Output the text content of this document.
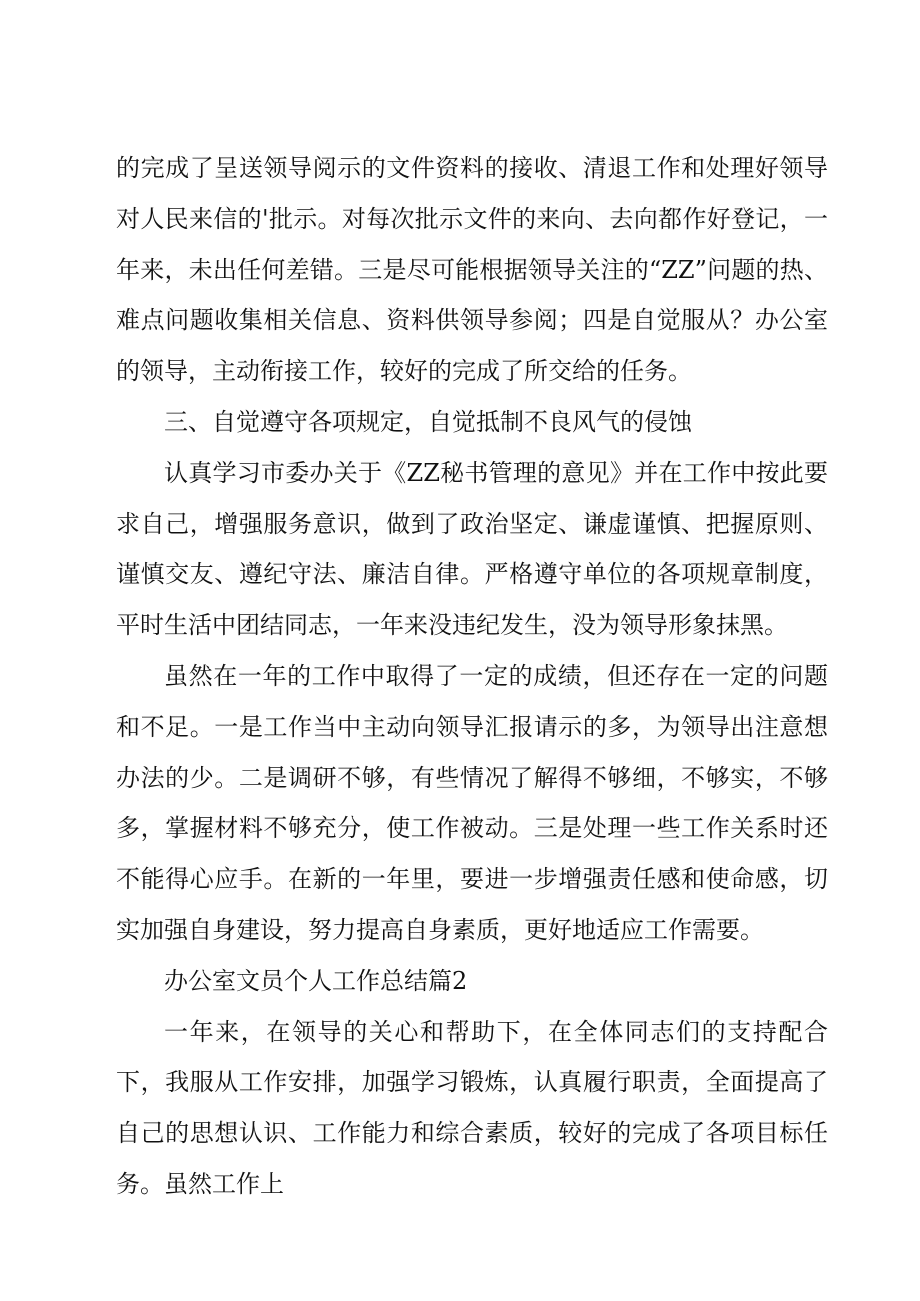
的完成了呈送领导阅示的文件资料的接收、清退工作和处理好领导对人民来信的'批示。对每次批示文件的来向、去向都作好登记，一年来，未出任何差错。三是尽可能根据领导关注的“ZZ”问题的热、难点问题收集相关信息、资料供领导参阅；四是自觉服从？办公室的领导，主动衔接工作，较好的完成了所交给的任务。

三、自觉遵守各项规定，自觉抵制不良风气的侵蚀

认真学习市委办关于《ZZ秘书管理的意见》并在工作中按此要求自己，增强服务意识，做到了政治坚定、谦虚谨慎、把握原则、谨慎交友、遵纪守法、廉洁自律。严格遵守单位的各项规章制度，平时生活中团结同志，一年来没违纪发生，没为领导形象抹黑。

虽然在一年的工作中取得了一定的成绩，但还存在一定的问题和不足。一是工作当中主动向领导汇报请示的多，为领导出注意想办法的少。二是调研不够，有些情况了解得不够细，不够实，不够多，掌握材料不够充分，使工作被动。三是处理一些工作关系时还不能得心应手。在新的一年里，要进一步增强责任感和使命感，切实加强自身建设，努力提高自身素质，更好地适应工作需要。

办公室文员个人工作总结篇2

一年来，在领导的关心和帮助下，在全体同志们的支持配合下，我服从工作安排，加强学习锻炼，认真履行职责，全面提高了自己的思想认识、工作能力和综合素质，较好的完成了各项目标任务。虽然工作上
